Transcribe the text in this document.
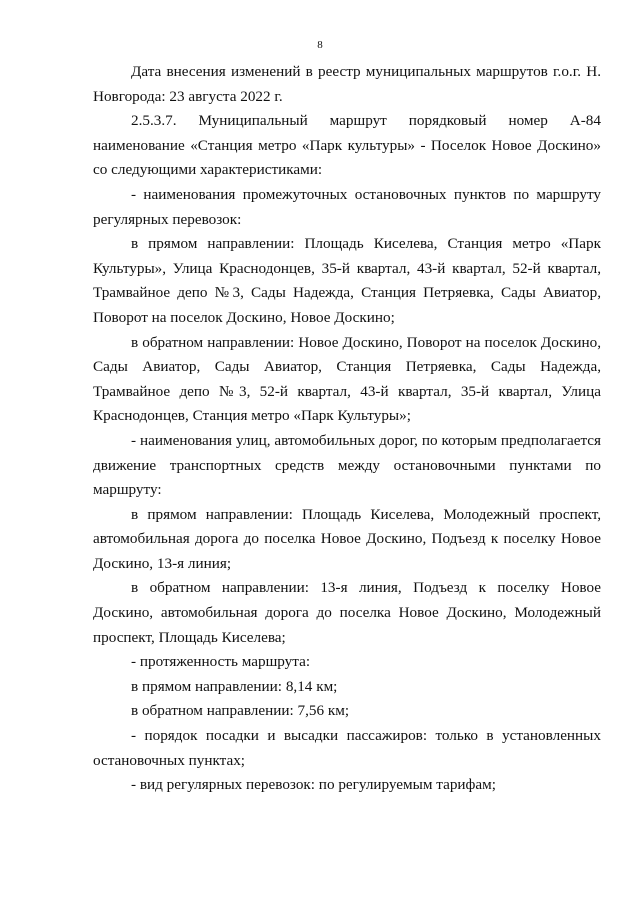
8

Дата внесения изменений в реестр муниципальных маршрутов г.о.г. Н. Новгорода: 23 августа 2022 г.

2.5.3.7. Муниципальный маршрут порядковый номер А-84 наименование «Станция метро «Парк культуры» - Поселок Новое Доскино» со следующими характеристиками:

- наименования промежуточных остановочных пунктов по маршруту регулярных перевозок:

в прямом направлении: Площадь Киселева, Станция метро «Парк Культуры», Улица Краснодонцев, 35-й квартал, 43-й квартал, 52-й квартал, Трамвайное депо №3, Сады Надежда, Станция Петряевка, Сады Авиатор, Поворот на поселок Доскино, Новое Доскино;

в обратном направлении: Новое Доскино, Поворот на поселок Доскино, Сады Авиатор, Сады Авиатор, Станция Петряевка, Сады Надежда, Трамвайное депо №3, 52-й квартал, 43-й квартал, 35-й квартал, Улица Краснодонцев, Станция метро «Парк Культуры»;

- наименования улиц, автомобильных дорог, по которым предполагается движение транспортных средств между остановочными пунктами по маршруту:

в прямом направлении: Площадь Киселева, Молодежный проспект, автомобильная дорога до поселка Новое Доскино, Подъезд к поселку Новое Доскино, 13-я линия;

в обратном направлении: 13-я линия, Подъезд к поселку Новое Доскино, автомобильная дорога до поселка Новое Доскино, Молодежный проспект, Площадь Киселева;

- протяженность маршрута:

в прямом направлении: 8,14 км;

в обратном направлении: 7,56 км;

- порядок посадки и высадки пассажиров: только в установленных остановочных пунктах;

- вид регулярных перевозок: по регулируемым тарифам;
